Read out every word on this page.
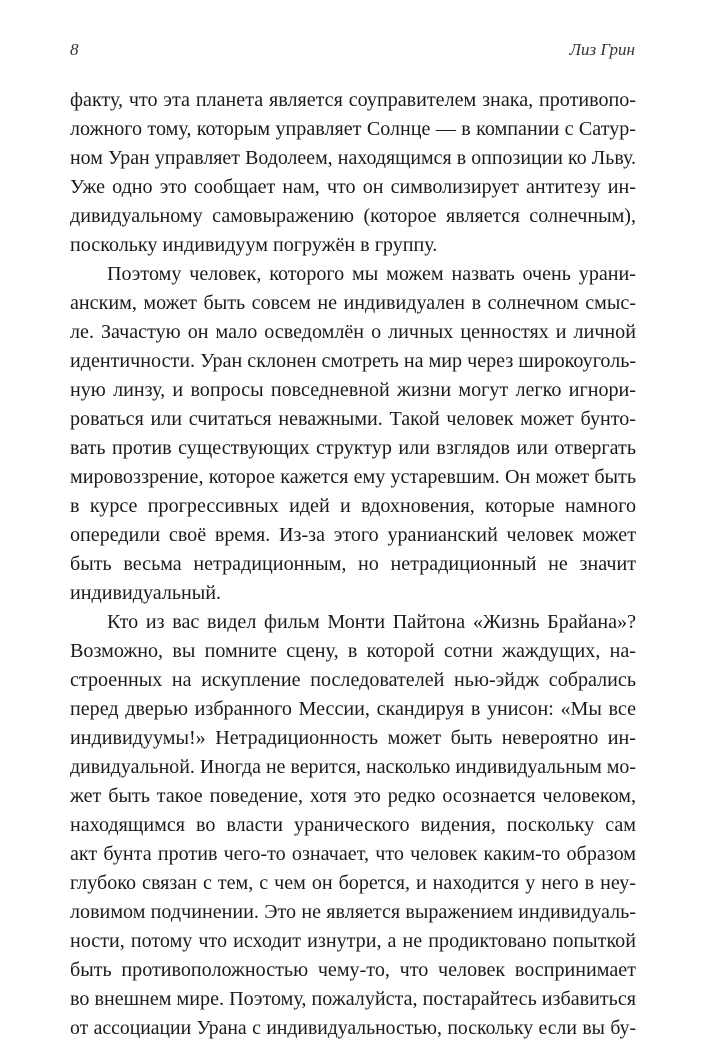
8	Лиз Грин
факту, что эта планета является соуправителем знака, противопо-
ложного тому, которым управляет Солнце — в компании с Сатур-
ном Уран управляет Водолеем, находящимся в оппозиции ко Льву.
Уже одно это сообщает нам, что он символизирует антитезу ин-
дивидуальному самовыражению (которое является солнечным),
поскольку индивидуум погружён в группу.
Поэтому человек, которого мы можем назвать очень урани-
анским, может быть совсем не индивидуален в солнечном смыс-
ле. Зачастую он мало осведомлён о личных ценностях и личной
идентичности. Уран склонен смотреть на мир через широкоуголь-
ную линзу, и вопросы повседневной жизни могут легко игнори-
роваться или считаться неважными. Такой человек может бунто-
вать против существующих структур или взглядов или отвергать
мировоззрение, которое кажется ему устаревшим. Он может быть
в курсе прогрессивных идей и вдохновения, которые намного
опередили своё время. Из-за этого уранианский человек может
быть весьма нетрадиционным, но нетрадиционный не значит
индивидуальный.
Кто из вас видел фильм Монти Пайтона «Жизнь Брайана»?
Возможно, вы помните сцену, в которой сотни жаждущих, на-
строенных на искупление последователей нью-эйдж собрались
перед дверью избранного Мессии, скандируя в унисон: «Мы все
индивидуумы!» Нетрадиционность может быть невероятно ин-
дивидуальной. Иногда не верится, насколько индивидуальным мо-
жет быть такое поведение, хотя это редко осознается человеком,
находящимся во власти уранического видения, поскольку сам
акт бунта против чего-то означает, что человек каким-то образом
глубоко связан с тем, с чем он борется, и находится у него в неу-
ловимом подчинении. Это не является выражением индивидуаль-
ности, потому что исходит изнутри, а не продиктовано попыткой
быть противоположностью чему-то, что человек воспринимает
во внешнем мире. Поэтому, пожалуйста, постарайтесь избавиться
от ассоциации Урана с индивидуальностью, поскольку если вы бу-
